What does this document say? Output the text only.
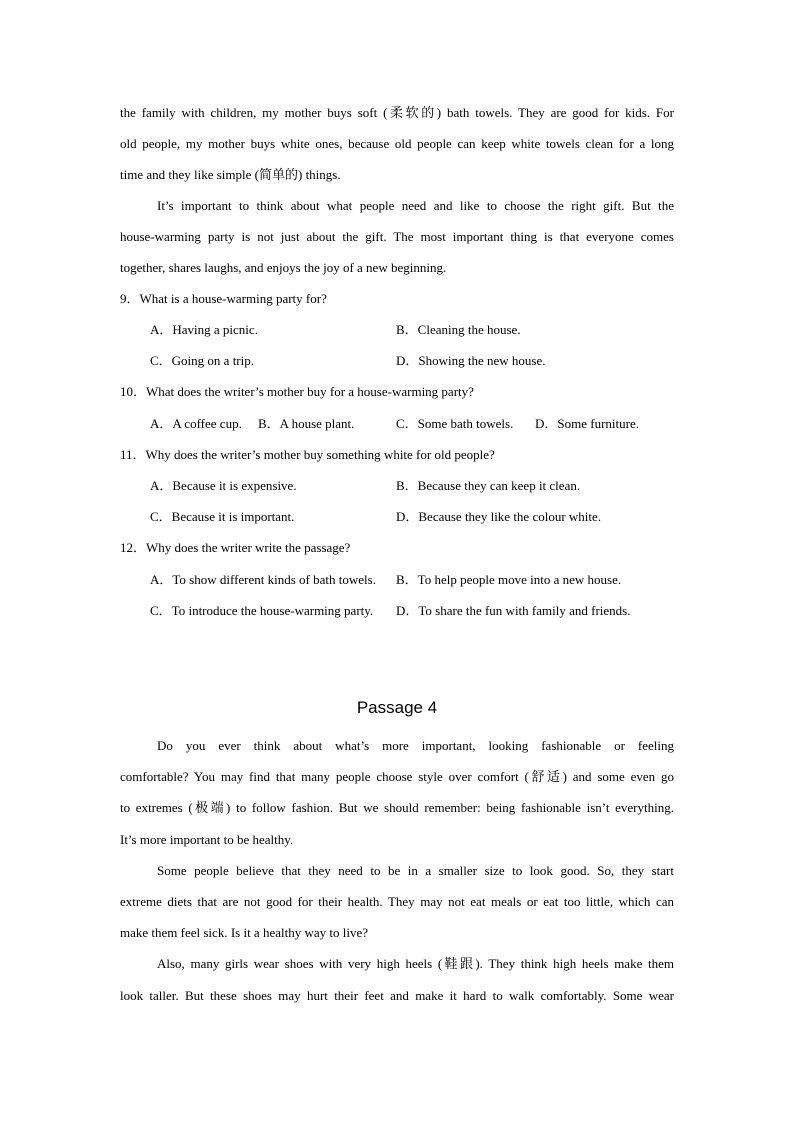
the family with children, my mother buys soft (柔软的) bath towels. They are good for kids. For
old people, my mother buys white ones, because old people can keep white towels clean for a long
time and they like simple (简单的) things.
It’s important to think about what people need and like to choose the right gift. But the
house-warming party is not just about the gift. The most important thing is that everyone comes
together, shares laughs, and enjoys the joy of a new beginning.
9．What is a house-warming party for?
A．Having a picnic.	B．Cleaning the house.
C．Going on a trip.	D．Showing the new house.
10．What does the writer’s mother buy for a house-warming party?
A．A coffee cup. B．A house plant.	C．Some bath towels. D．Some furniture.
11．Why does the writer’s mother buy something white for old people?
A．Because it is expensive.	B．Because they can keep it clean.
C．Because it is important.	D．Because they like the colour white.
12．Why does the writer write the passage?
A．To show different kinds of bath towels. B．To help people move into a new house.
C．To introduce the house-warming party. D．To share the fun with family and friends.
Passage 4
Do you ever think about what’s more important, looking fashionable or feeling
comfortable? You may find that many people choose style over comfort (舒适) and some even go
to extremes (极端) to follow fashion. But we should remember: being fashionable isn’t everything.
It’s more important to be healthy.
Some people believe that they need to be in a smaller size to look good. So, they start
extreme diets that are not good for their health. They may not eat meals or eat too little, which can
make them feel sick. Is it a healthy way to live?
Also, many girls wear shoes with very high heels (鞋跟). They think high heels make them
look taller. But these shoes may hurt their feet and make it hard to walk comfortably. Some wear
